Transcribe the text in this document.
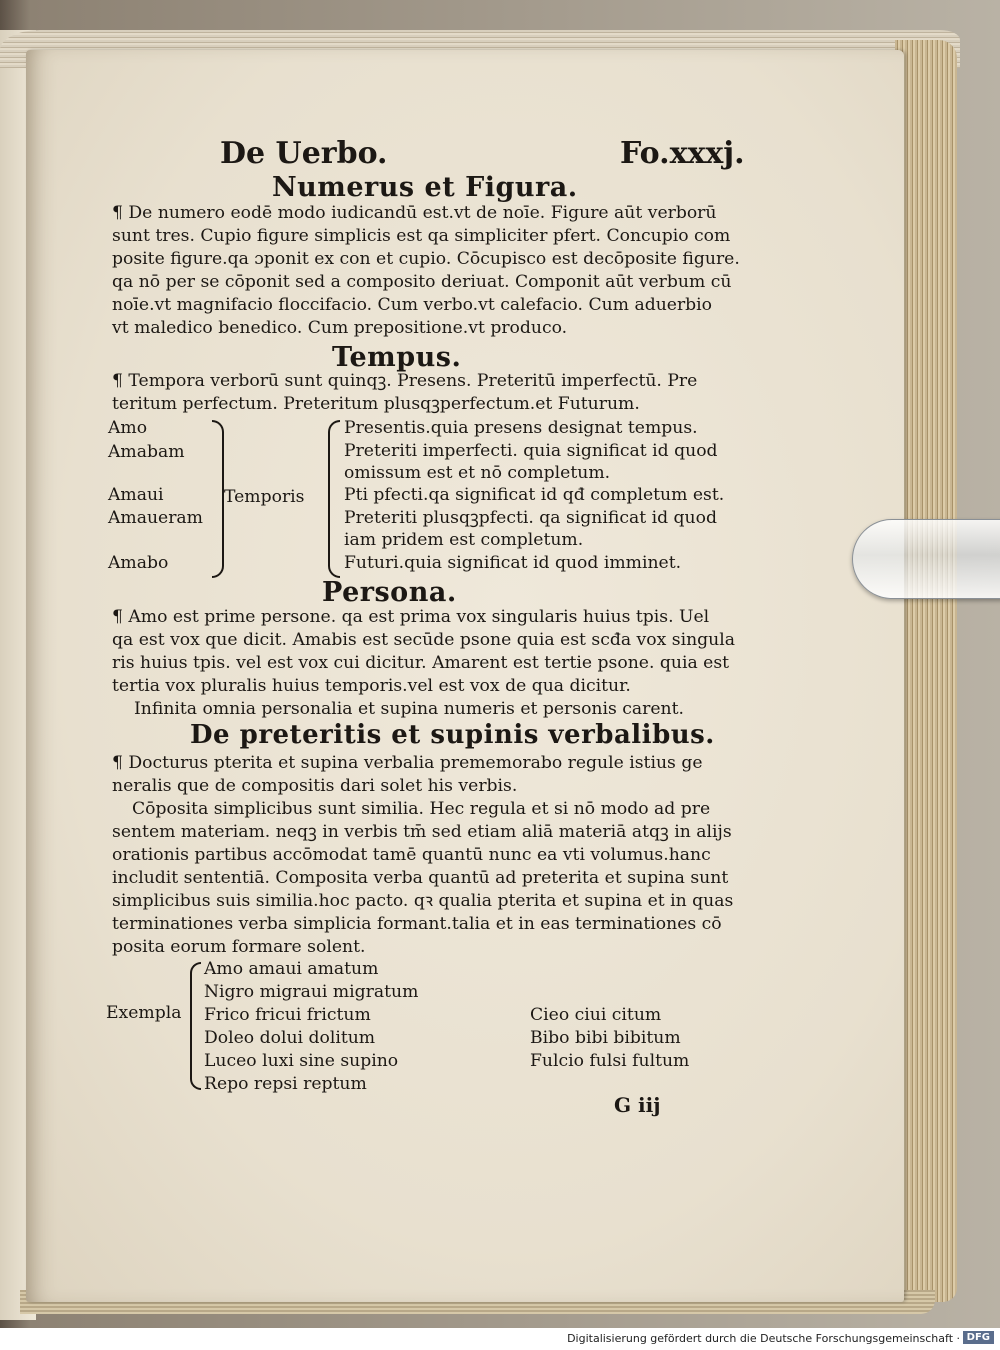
De Uerbo.	Fo.xxxj.
Numerus et Figura.
¶ De numero eodē modo iudicandū est.vt de noīe. Figure aūt verborū
sunt tres. Cupio figure simplicis est qa simpliciter pfert. Concupio com
posite figure.qa ɔponit ex con et cupio. Cōcupisco est decōposite figure.
qa nō per se cōponit sed a composito deriuat. Componit aūt verbum cū
noīe.vt magnifacio floccifacio. Cum verbo.vt calefacio. Cum aduerbio
vt maledico benedico. Cum prepositione.vt produco.
Tempus.
¶ Tempora verborū sunt quinqꝫ. Presens. Preteritū imperfectū. Pre
teritum perfectum. Preteritum plusqꝫperfectum.et Futurum.
Amo
Amabam
Amaui
Amaueram
Amabo
Temporis
Presentis.quia presens designat tempus.
Preteriti imperfecti. quia significat id quod
omissum est et nō completum.
Pti pfecti.qa significat id qđ completum est.
Preteriti plusqꝫpfecti. qa significat id quod
iam pridem est completum.
Futuri.quia significat id quod imminet.
Persona.
¶ Amo est prime persone. qa est prima vox singularis huius tpis. Uel
qa est vox que dicit. Amabis est secūde psone quia est scđa vox singula
ris huius tpis. vel est vox cui dicitur. Amarent est tertie psone. quia est
tertia vox pluralis huius temporis.vel est vox de qua dicitur.
Infinita omnia personalia et supina numeris et personis carent.
De preteritis et supinis verbalibus.
¶ Docturus pterita et supina verbalia prememorabo regule istius ge
neralis que de compositis dari solet his verbis.
Cōposita simplicibus sunt similia. Hec regula et si nō modo ad pre
sentem materiam. neqꝫ in verbis tm̄ sed etiam aliā materiā atqꝫ in alijs
orationis partibus accōmodat tamē quantū nunc ea vti volumus.hanc
includit sententiā. Composita verba quantū ad preterita et supina sunt
simplicibus suis similia.hoc pacto. qꝛ qualia pterita et supina et in quas
terminationes verba simplicia formant.talia et in eas terminationes cō
posita eorum formare solent.
Exempla
Amo amaui amatum
Nigro migraui migratum
Frico fricui frictum
Doleo dolui dolitum
Luceo luxi sine supino
Repo repsi reptum
Cieo ciui citum
Bibo bibi bibitum
Fulcio fulsi fultum
G iij
Digitalisierung gefördert durch die Deutsche Forschungsgemeinschaft · DFG
